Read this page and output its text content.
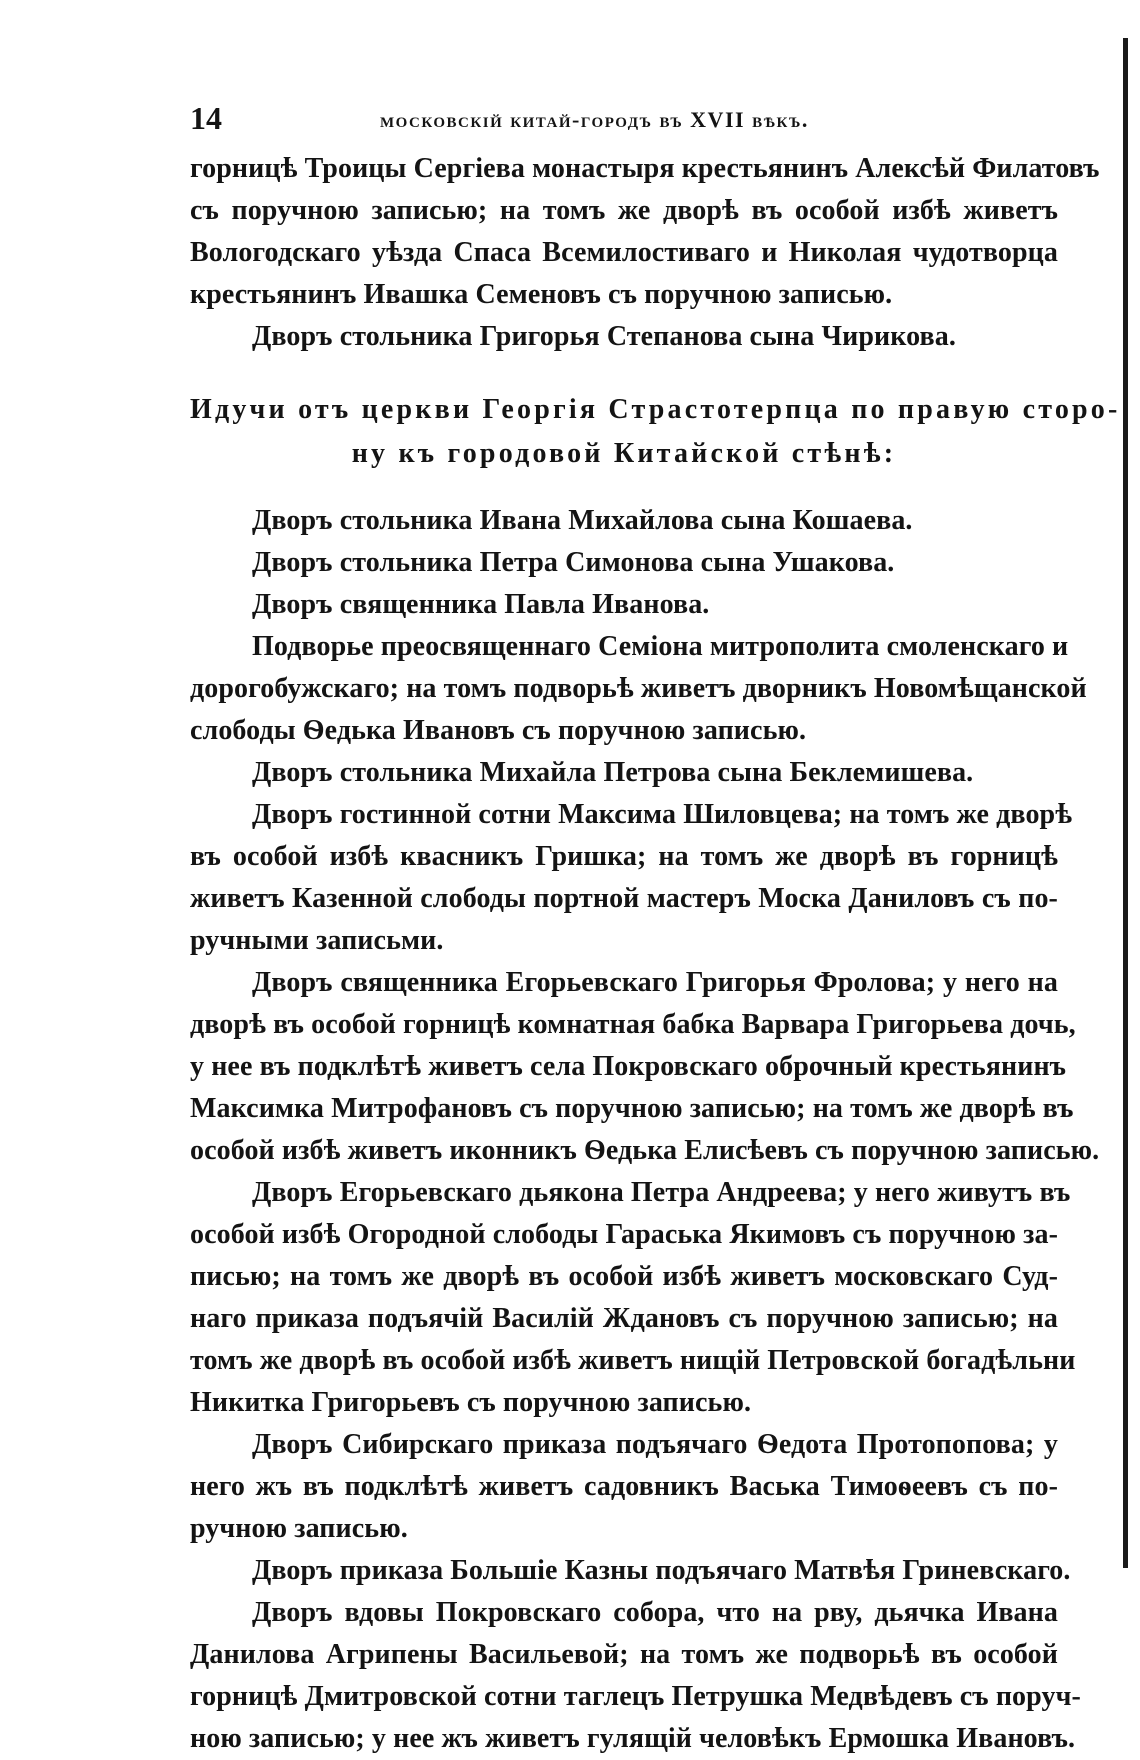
14	московскій китай-городъ въ XVII вѣкъ.
горницѣ Троицы Сергіева монастыря крестьянинъ Алексѣй Филатовъ
съ поручною записью; на томъ же дворѣ въ особой избѣ живетъ
Вологодскаго уѣзда Спаса Всемилостиваго и Николая чудотворца
крестьянинъ Ивашка Семеновъ съ поручною записью.
Дворъ стольника Григорья Степанова сына Чирикова.
Идучи отъ церкви Георгія Страстотерпца по правую сторо-
ну къ городовой Китайской стѣнѣ:
Дворъ стольника Ивана Михайлова сына Кошаева.
Дворъ стольника Петра Симонова сына Ушакова.
Дворъ священника Павла Иванова.
Подворье преосвященнаго Семіона митрополита смоленскаго и
дорогобужскаго; на томъ подворьѣ живетъ дворникъ Новомѣщанской
слободы Ѳедька Ивановъ съ поручною записью.
Дворъ стольника Михайла Петрова сына Беклемишева.
Дворъ гостинной сотни Максима Шиловцева; на томъ же дворѣ
въ особой избѣ квасникъ Гришка; на томъ же дворѣ въ горницѣ
живетъ Казенной слободы портной мастеръ Моска Даниловъ съ по-
ручными записьми.
Дворъ священника Егорьевскаго Григорья Фролова; у него на
дворѣ въ особой горницѣ комнатная бабка Варвара Григорьева дочь,
у нее въ подклѣтѣ живетъ села Покровскаго оброчный крестьянинъ
Максимка Митрофановъ съ поручною записью; на томъ же дворѣ въ
особой избѣ живетъ иконникъ Ѳедька Елисѣевъ съ поручною записью.
Дворъ Егорьевскаго дьякона Петра Андреева; у него живутъ въ
особой избѣ Огородной слободы Гараська Якимовъ съ поручною за-
писью; на томъ же дворѣ въ особой избѣ живетъ московскаго Суд-
наго приказа подъячій Василій Ждановъ съ поручною записью; на
томъ же дворѣ въ особой избѣ живетъ нищій Петровской богадѣльни
Никитка Григорьевъ съ поручною записью.
Дворъ Сибирскаго приказа подъячаго Ѳедота Протопопова; у
него жъ въ подклѣтѣ живетъ садовникъ Васька Тимоѳеевъ съ по-
ручною записью.
Дворъ приказа Большіе Казны подъячаго Матвѣя Гриневскаго.
Дворъ вдовы Покровскаго собора, что на рву, дьячка Ивана
Данилова Агрипены Васильевой; на томъ же подворьѣ въ особой
горницѣ Дмитровской сотни таглецъ Петрушка Медвѣдевъ съ поруч-
ною записью; у нее жъ живетъ гулящій человѣкъ Ермошка Ивановъ.
